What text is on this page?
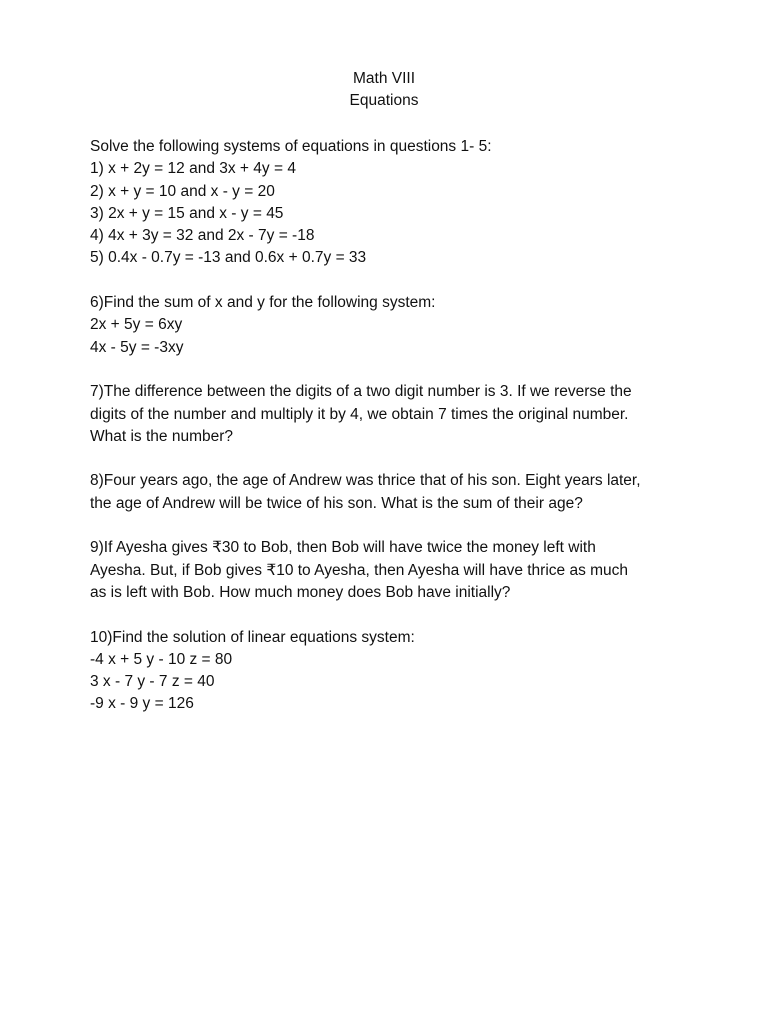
Math VIII
Equations
Solve the following systems of equations in questions 1- 5:
1) x + 2y = 12 and 3x + 4y = 4
2) x + y = 10 and x - y = 20
3) 2x + y = 15 and x - y = 45
4) 4x + 3y = 32 and 2x - 7y = -18
5) 0.4x - 0.7y = -13 and 0.6x + 0.7y = 33
6)Find the sum of x and y for the following system:
2x + 5y = 6xy
4x - 5y = -3xy
7)The difference between the digits of a two digit number is 3. If we reverse the
digits of the number and multiply it by 4, we obtain 7 times the original number.
What is the number?
8)Four years ago, the age of Andrew was thrice that of his son. Eight years later,
the age of Andrew will be twice of his son. What is the sum of their age?
9)If Ayesha gives ₹30 to Bob, then Bob will have twice the money left with
Ayesha. But, if Bob gives ₹10 to Ayesha, then Ayesha will have thrice as much
as is left with Bob. How much money does Bob have initially?
10)Find the solution of linear equations system:
-4 x + 5 y - 10 z = 80
3 x - 7 y - 7 z = 40
-9 x - 9 y = 126
